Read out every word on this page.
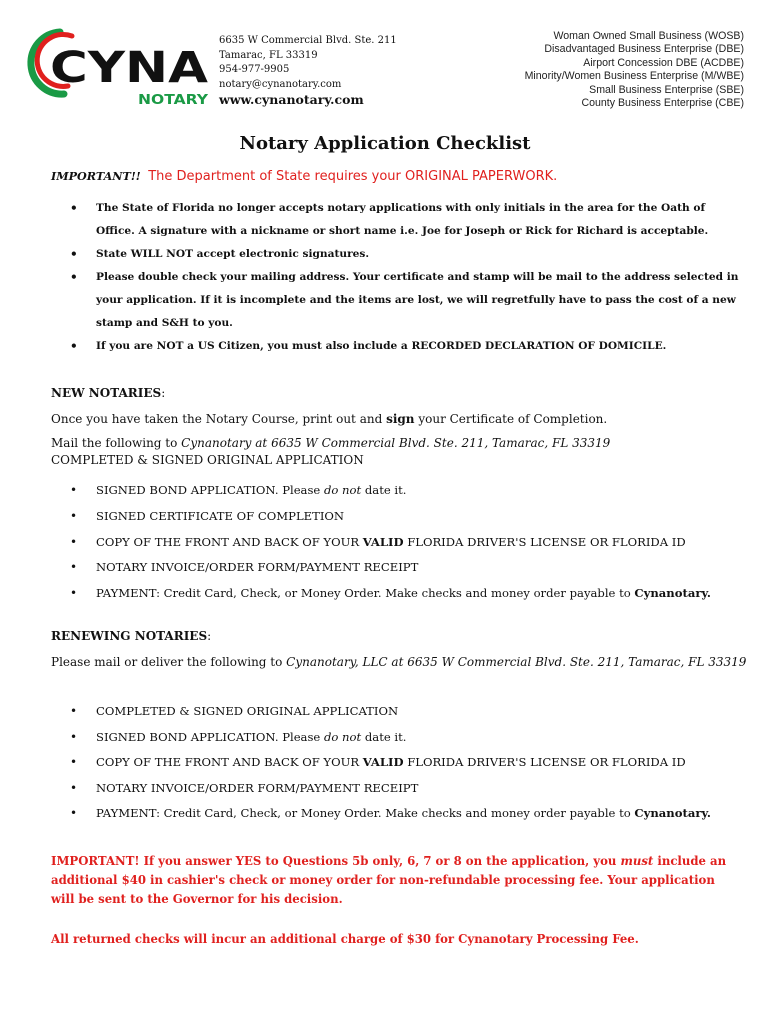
CYNA
NOTARY
6635 W Commercial Blvd. Ste. 211
Tamarac, FL 33319
954-977-9905
notary@cynanotary.com
www.cynanotary.com
Woman Owned Small Business (WOSB)
Disadvantaged Business Enterprise (DBE)
Airport Concession DBE (ACDBE)
Minority/Women Business Enterprise (M/WBE)
Small Business Enterprise (SBE)
County Business Enterprise (CBE)
Notary Application Checklist
IMPORTANT!! The Department of State requires your ORIGINAL PAPERWORK.
• The State of Florida no longer accepts notary applications with only initials in the area for the Oath of Office. A signature with a nickname or short name i.e. Joe for Joseph or Rick for Richard is acceptable.
• State WILL NOT accept electronic signatures.
• Please double check your mailing address. Your certificate and stamp will be mail to the address selected in your application. If it is incomplete and the items are lost, we will regretfully have to pass the cost of a new stamp and S&H to you.
• If you are NOT a US Citizen, you must also include a RECORDED DECLARATION OF DOMICILE.
NEW NOTARIES:
Once you have taken the Notary Course, print out and sign your Certificate of Completion.
Mail the following to Cynanotary at 6635 W Commercial Blvd. Ste. 211, Tamarac, FL 33319
COMPLETED & SIGNED ORIGINAL APPLICATION
• SIGNED BOND APPLICATION. Please do not date it.
• SIGNED CERTIFICATE OF COMPLETION
• COPY OF THE FRONT AND BACK OF YOUR VALID FLORIDA DRIVER'S LICENSE OR FLORIDA ID
• NOTARY INVOICE/ORDER FORM/PAYMENT RECEIPT
• PAYMENT: Credit Card, Check, or Money Order. Make checks and money order payable to Cynanotary.
RENEWING NOTARIES:
Please mail or deliver the following to Cynanotary, LLC at 6635 W Commercial Blvd. Ste. 211, Tamarac, FL 33319
• COMPLETED & SIGNED ORIGINAL APPLICATION
• SIGNED BOND APPLICATION. Please do not date it.
• COPY OF THE FRONT AND BACK OF YOUR VALID FLORIDA DRIVER'S LICENSE OR FLORIDA ID
• NOTARY INVOICE/ORDER FORM/PAYMENT RECEIPT
• PAYMENT: Credit Card, Check, or Money Order. Make checks and money order payable to Cynanotary.
IMPORTANT! If you answer YES to Questions 5b only, 6, 7 or 8 on the application, you must include an additional $40 in cashier's check or money order for non-refundable processing fee. Your application will be sent to the Governor for his decision.
All returned checks will incur an additional charge of $30 for Cynanotary Processing Fee.
